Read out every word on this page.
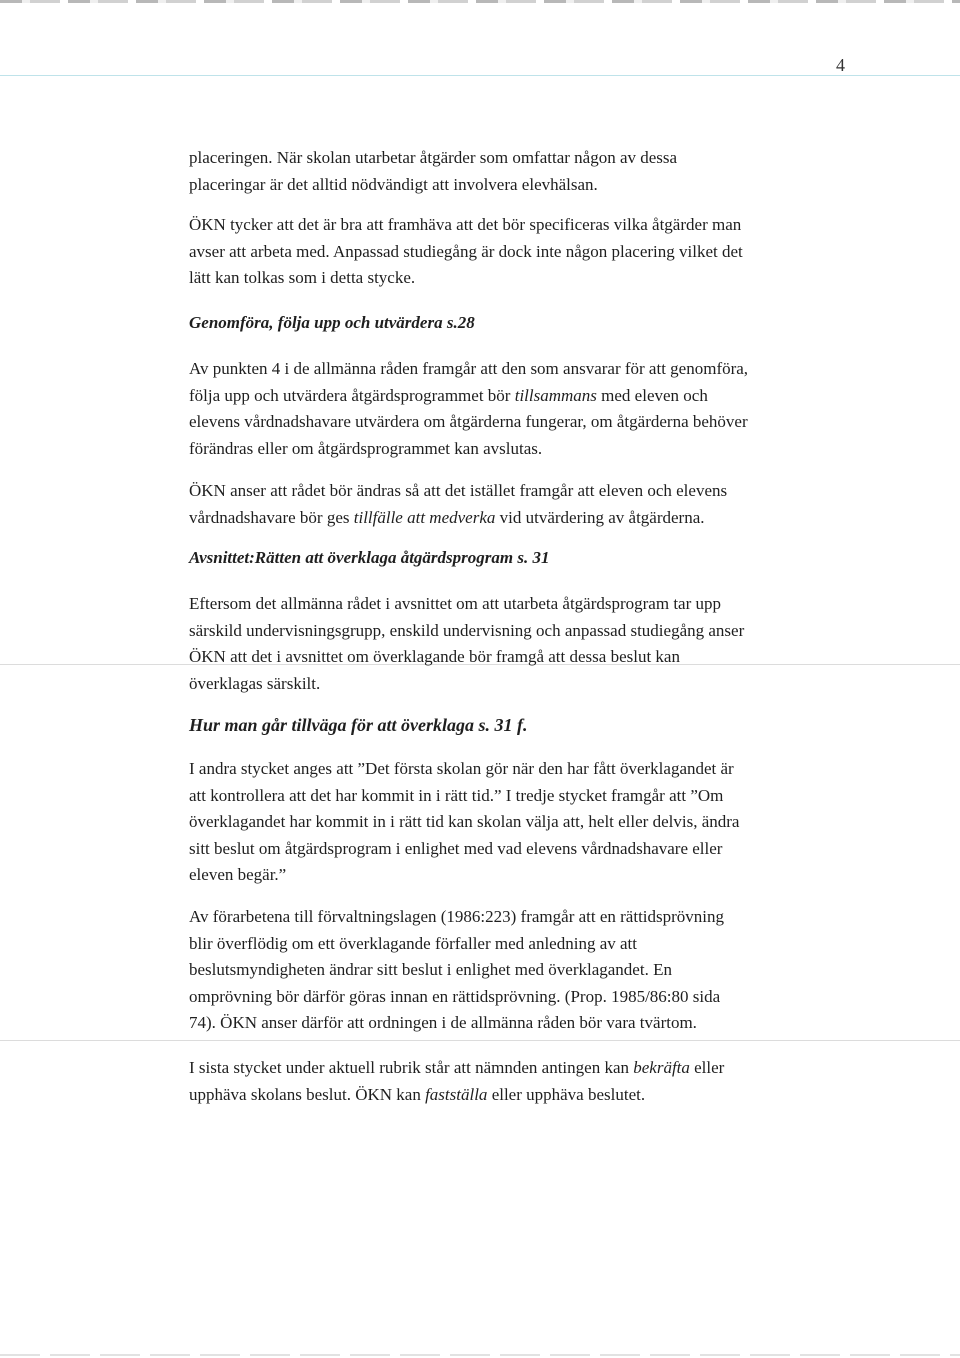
4

placeringen. När skolan utarbetar åtgärder som omfattar någon av dessa
placeringar är det alltid nödvändigt att involvera elevhälsan.

ÖKN tycker att det är bra att framhäva att det bör specificeras vilka åtgärder man
avser att arbeta med. Anpassad studiegång är dock inte någon placering vilket det
lätt kan tolkas som i detta stycke.

Genomföra, följa upp och utvärdera s.28

Av punkten 4 i de allmänna råden framgår att den som ansvarar för att genomföra,
följa upp och utvärdera åtgärdsprogrammet bör tillsammans med eleven och
elevens vårdnadshavare utvärdera om åtgärderna fungerar, om åtgärderna behöver
förändras eller om åtgärdsprogrammet kan avslutas.

ÖKN anser att rådet bör ändras så att det istället framgår att eleven och elevens
vårdnadshavare bör ges tillfälle att medverka vid utvärdering av åtgärderna.

Avsnittet:Rätten att överklaga åtgärdsprogram s. 31

Eftersom det allmänna rådet i avsnittet om att utarbeta åtgärdsprogram tar upp
särskild undervisningsgrupp, enskild undervisning och anpassad studiegång anser
ÖKN att det i avsnittet om överklagande bör framgå att dessa beslut kan
överklagas särskilt.

Hur man går tillväga för att överklaga s. 31 f.

I andra stycket anges att ”Det första skolan gör när den har fått överklagandet är
att kontrollera att det har kommit in i rätt tid.” I tredje stycket framgår att ”Om
överklagandet har kommit in i rätt tid kan skolan välja att, helt eller delvis, ändra
sitt beslut om åtgärdsprogram i enlighet med vad elevens vårdnadshavare eller
eleven begär.”

Av förarbetena till förvaltningslagen (1986:223) framgår att en rättidsprövning
blir överflödig om ett överklagande förfaller med anledning av att
beslutsmyndigheten ändrar sitt beslut i enlighet med överklagandet. En
omprövning bör därför göras innan en rättidsprövning. (Prop. 1985/86:80 sida
74). ÖKN anser därför att ordningen i de allmänna råden bör vara tvärtom.

I sista stycket under aktuell rubrik står att nämnden antingen kan bekräfta eller
upphäva skolans beslut. ÖKN kan fastställa eller upphäva beslutet.
